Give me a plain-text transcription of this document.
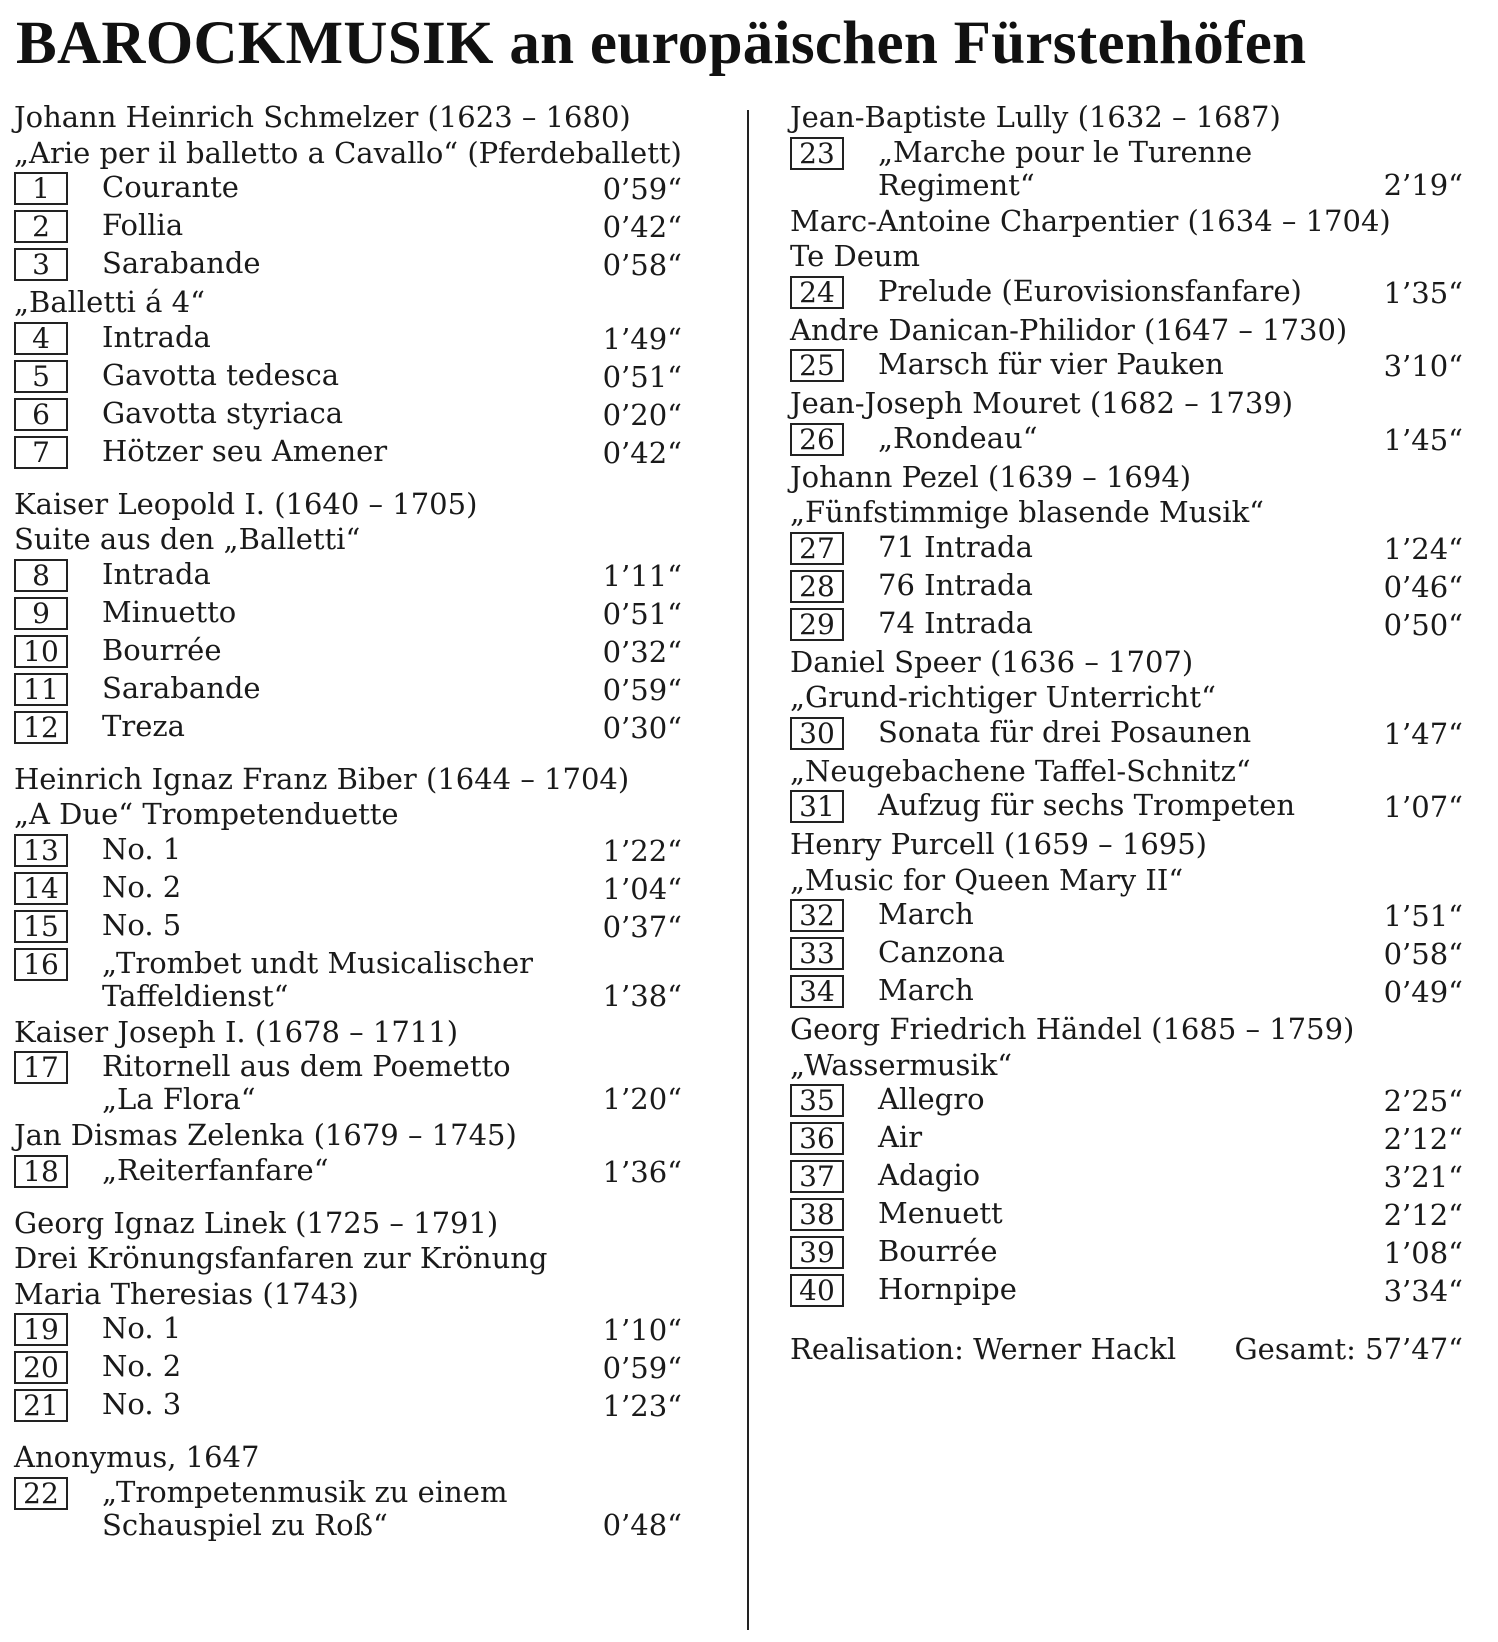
BAROCKMUSIK an europäischen Fürstenhöfen
Johann Heinrich Schmelzer (1623 – 1680)
„Arie per il balletto a Cavallo“ (Pferdeballett)
1	Courante	0’59“
2	Follia	0’42“
3	Sarabande	0’58“
„Balletti á 4“
4	Intrada	1’49“
5	Gavotta tedesca	0’51“
6	Gavotta styriaca	0’20“
7	Hötzer seu Amener	0’42“
Kaiser Leopold I. (1640 – 1705)
Suite aus den „Balletti“
8	Intrada	1’11“
9	Minuetto	0’51“
10	Bourrée	0’32“
11	Sarabande	0’59“
12	Treza	0’30“
Heinrich Ignaz Franz Biber (1644 – 1704)
„A Due“ Trompetenduette
13	No. 1	1’22“
14	No. 2	1’04“
15	No. 5	0’37“
16	„Trombet undt Musicalischer
Taffeldienst“	1’38“
Kaiser Joseph I. (1678 – 1711)
17	Ritornell aus dem Poemetto
„La Flora“	1’20“
Jan Dismas Zelenka (1679 – 1745)
18	„Reiterfanfare“	1’36“
Georg Ignaz Linek (1725 – 1791)
Drei Krönungsfanfaren zur Krönung
Maria Theresias (1743)
19	No. 1	1’10“
20	No. 2	0’59“
21	No. 3	1’23“
Anonymus, 1647
22	„Trompetenmusik zu einem
Schauspiel zu Roß“	0’48“
Jean-Baptiste Lully (1632 – 1687)
23	„Marche pour le Turenne
Regiment“	2’19“
Marc-Antoine Charpentier (1634 – 1704)
Te Deum
24	Prelude (Eurovisionsfanfare)	1’35“
Andre Danican-Philidor (1647 – 1730)
25	Marsch für vier Pauken	3’10“
Jean-Joseph Mouret (1682 – 1739)
26	„Rondeau“	1’45“
Johann Pezel (1639 – 1694)
„Fünfstimmige blasende Musik“
27	71 Intrada	1’24“
28	76 Intrada	0’46“
29	74 Intrada	0’50“
Daniel Speer (1636 – 1707)
„Grund-richtiger Unterricht“
30	Sonata für drei Posaunen	1’47“
„Neugebachene Taffel-Schnitz“
31	Aufzug für sechs Trompeten	1’07“
Henry Purcell (1659 – 1695)
„Music for Queen Mary II“
32	March	1’51“
33	Canzona	0’58“
34	March	0’49“
Georg Friedrich Händel (1685 – 1759)
„Wassermusik“
35	Allegro	2’25“
36	Air	2’12“
37	Adagio	3’21“
38	Menuett	2’12“
39	Bourrée	1’08“
40	Hornpipe	3’34“
Realisation: Werner Hackl Gesamt: 57’47“
